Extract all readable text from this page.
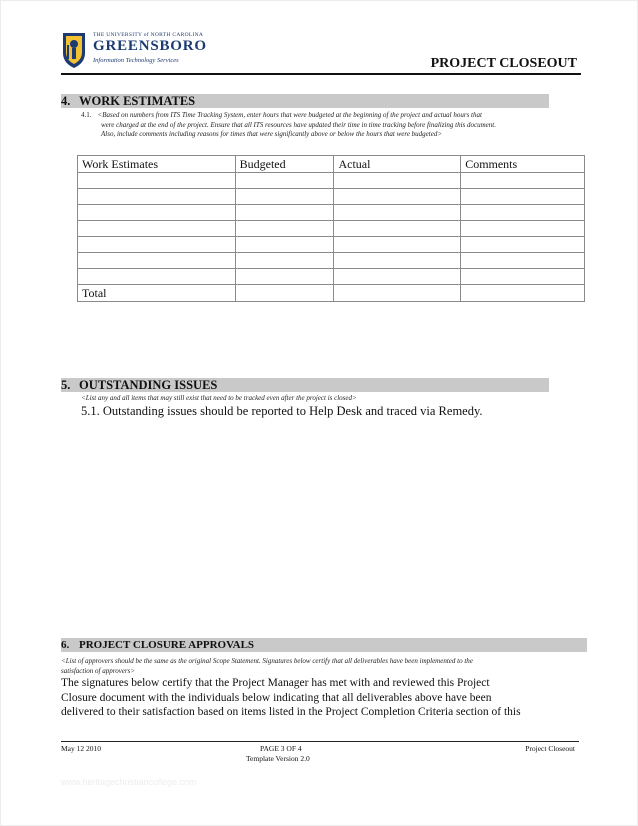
THE UNIVERSITY of NORTH CAROLINA
GREENSBORO
Information Technology Services	PROJECT CLOSEOUT
4. WORK ESTIMATES
4.1. <Based on numbers from ITS Time Tracking System, enter hours that were budgeted at the beginning of the project and actual hours that
were charged at the end of the project. Ensure that all ITS resources have updated their time in time tracking before finalizing this document.
Also, include comments including reasons for times that were significantly above or below the hours that were budgeted>
Work Estimates	Budgeted	Actual	Comments

Total			
5. OUTSTANDING ISSUES
<List any and all items that may still exist that need to be tracked even after the project is closed>
5.1. Outstanding issues should be reported to Help Desk and traced via Remedy.
6. PROJECT CLOSURE APPROVALS
<List of approvers should be the same as the original Scope Statement. Signatures below certify that all deliverables have been implemented to the
satisfaction of approvers>
The signatures below certify that the Project Manager has met with and reviewed this Project
Closure document with the individuals below indicating that all deliverables above have been
delivered to their satisfaction based on items listed in the Project Completion Criteria section of this
May 12 2010	PAGE 3 OF 4
Template Version 2.0
Project Closeout
www.heritagechristiancollege.com
